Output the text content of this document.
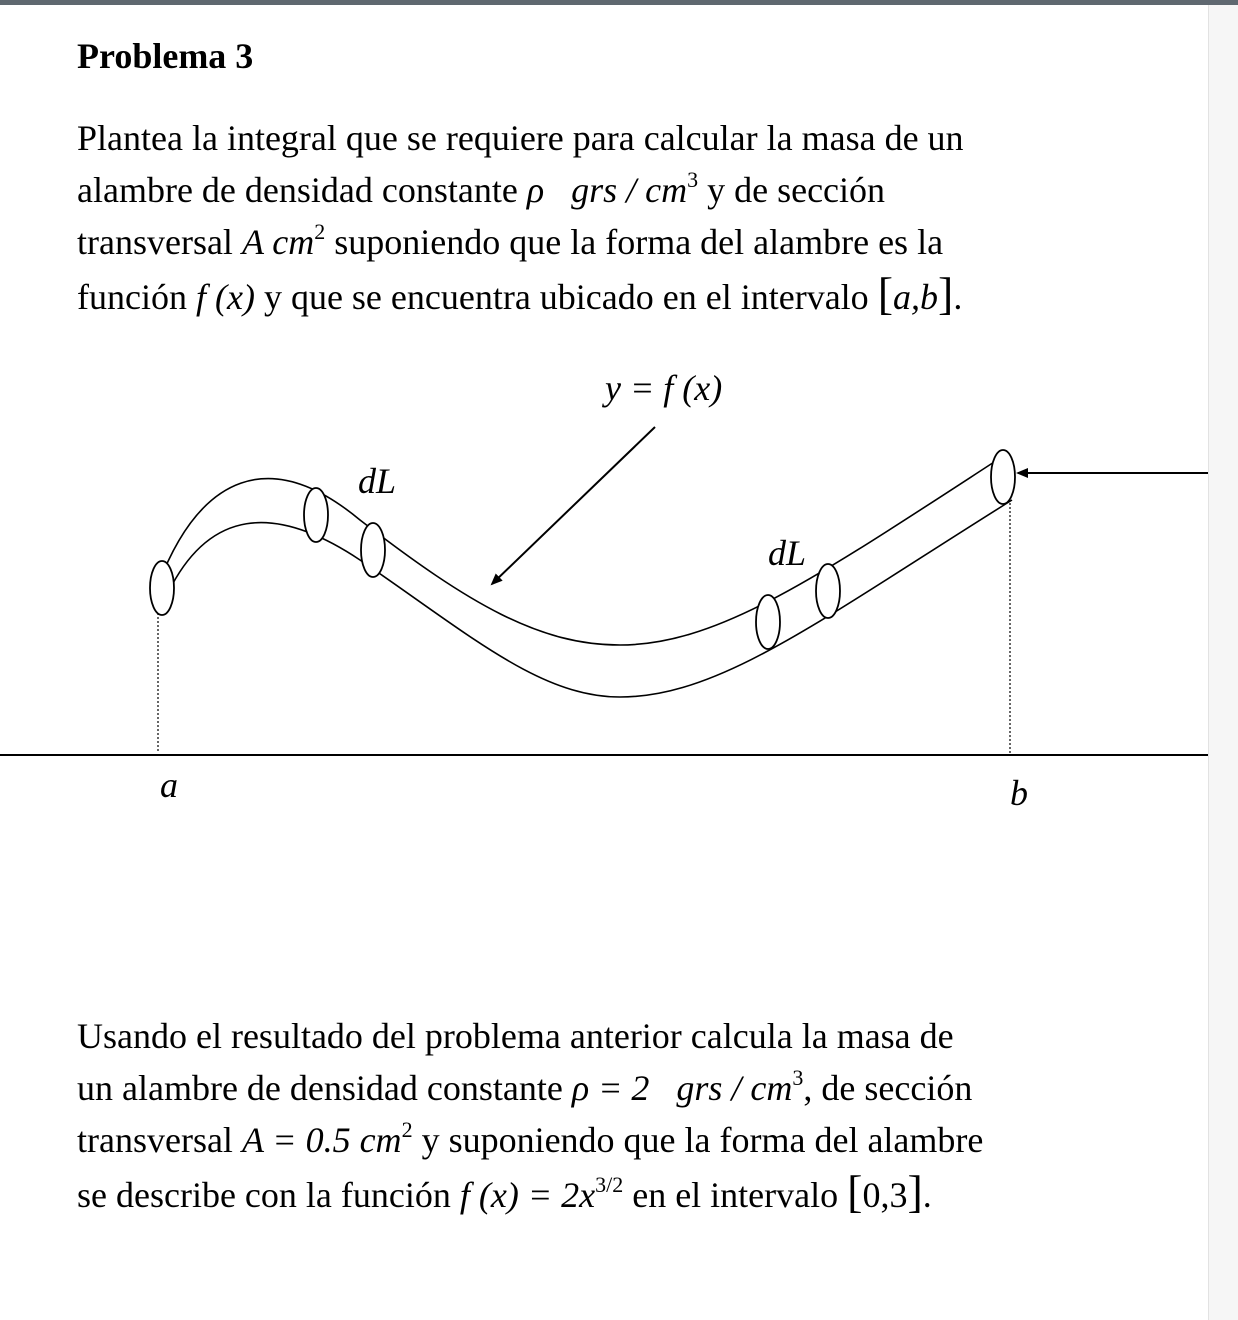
Problema 3
Plantea la integral que se requiere para calcular la masa de un
alambre de densidad constante ρ grs / $cm^3$ y de sección
transversal A $cm^2$ suponiendo que la forma del alambre es la
función f (x) y que se encuentra ubicado en el intervalo [a,b].
y = f (x)
dL
dL
a	b
Usando el resultado del problema anterior calcula la masa de
un alambre de densidad constante ρ = 2 grs / $cm^3$, de sección
transversal A = 0.5 $cm^2$ y suponiendo que la forma del alambre
se describe con la función f $(x) = 2x^{3/2}$ en el intervalo [0,3].
